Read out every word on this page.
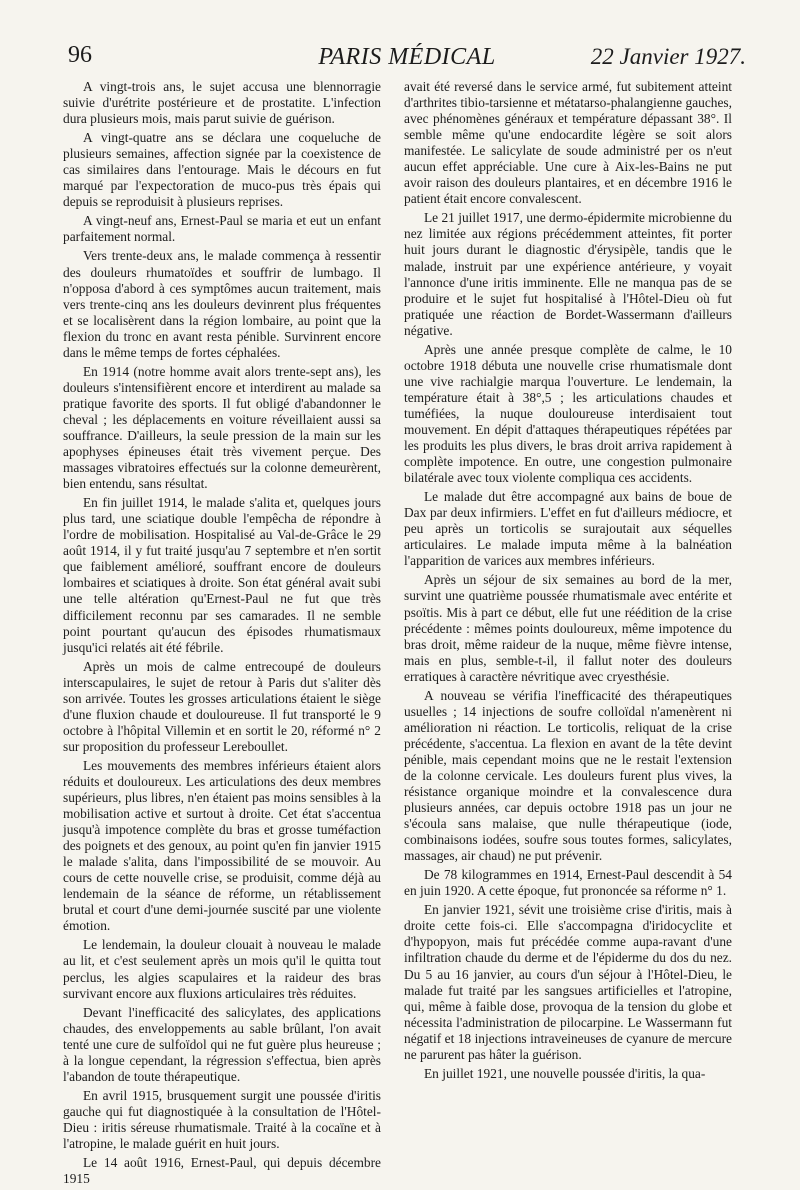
96	PARIS MÉDICAL	22 Janvier 1927.

A vingt-trois ans, le sujet accusa une blennorragie suivie d'urétrite postérieure et de prostatite. L'infection dura plusieurs mois, mais parut suivie de guérison.

A vingt-quatre ans se déclara une coqueluche de plusieurs semaines, affection signée par la coexistence de cas similaires dans l'entourage. Mais le décours en fut marqué par l'expectoration de muco-pus très épais qui depuis se reproduisit à plusieurs reprises.

A vingt-neuf ans, Ernest-Paul se maria et eut un enfant parfaitement normal.

Vers trente-deux ans, le malade commença à ressentir des douleurs rhumatoïdes et souffrir de lumbago. Il n'opposa d'abord à ces symptômes aucun traitement, mais vers trente-cinq ans les douleurs devinrent plus fréquentes et se localisèrent dans la région lombaire, au point que la flexion du tronc en avant resta pénible. Survinrent encore dans le même temps de fortes céphalées.

En 1914 (notre homme avait alors trente-sept ans), les douleurs s'intensifièrent encore et interdirent au malade sa pratique favorite des sports. Il fut obligé d'abandonner le cheval ; les déplacements en voiture réveillaient aussi sa souffrance. D'ailleurs, la seule pression de la main sur les apophyses épineuses était très vivement perçue. Des massages vibratoires effectués sur la colonne demeurèrent, bien entendu, sans résultat.

En fin juillet 1914, le malade s'alita et, quelques jours plus tard, une sciatique double l'empêcha de répondre à l'ordre de mobilisation. Hospitalisé au Val-de-Grâce le 29 août 1914, il y fut traité jusqu'au 7 septembre et n'en sortit que faiblement amélioré, souffrant encore de douleurs lombaires et sciatiques à droite. Son état général avait subi une telle altération qu'Ernest-Paul ne fut que très difficilement reconnu par ses camarades. Il ne semble point pourtant qu'aucun des épisodes rhumatismaux jusqu'ici relatés ait été fébrile.

Après un mois de calme entrecoupé de douleurs interscapulaires, le sujet de retour à Paris dut s'aliter dès son arrivée. Toutes les grosses articulations étaient le siège d'une fluxion chaude et douloureuse. Il fut transporté le 9 octobre à l'hôpital Villemin et en sortit le 20, réformé n° 2 sur proposition du professeur Lereboullet.

Les mouvements des membres inférieurs étaient alors réduits et douloureux. Les articulations des deux membres supérieurs, plus libres, n'en étaient pas moins sensibles à la mobilisation active et surtout à droite. Cet état s'accentua jusqu'à impotence complète du bras et grosse tuméfaction des poignets et des genoux, au point qu'en fin janvier 1915 le malade s'alita, dans l'impossibilité de se mouvoir. Au cours de cette nouvelle crise, se produisit, comme déjà au lendemain de la séance de réforme, un rétablissement brutal et court d'une demi-journée suscité par une violente émotion.

Le lendemain, la douleur clouait à nouveau le malade au lit, et c'est seulement après un mois qu'il le quitta tout perclus, les algies scapulaires et la raideur des bras survivant encore aux fluxions articulaires très réduites.

Devant l'inefficacité des salicylates, des applications chaudes, des enveloppements au sable brûlant, l'on avait tenté une cure de sulfoïdol qui ne fut guère plus heureuse ; à la longue cependant, la régression s'effectua, bien après l'abandon de toute thérapeutique.

En avril 1915, brusquement surgit une poussée d'iritis gauche qui fut diagnostiquée à la consultation de l'Hôtel-Dieu : iritis séreuse rhumatismale. Traité à la cocaïne et à l'atropine, le malade guérit en huit jours.

Le 14 août 1916, Ernest-Paul, qui depuis décembre 1915

avait été reversé dans le service armé, fut subitement atteint d'arthrites tibio-tarsienne et métatarso-phalangienne gauches, avec phénomènes généraux et température dépassant 38°. Il semble même qu'une endocardite légère se soit alors manifestée. Le salicylate de soude administré per os n'eut aucun effet appréciable. Une cure à Aix-les-Bains ne put avoir raison des douleurs plantaires, et en décembre 1916 le patient était encore convalescent.

Le 21 juillet 1917, une dermo-épidermite microbienne du nez limitée aux régions précédemment atteintes, fit porter huit jours durant le diagnostic d'érysipèle, tandis que le malade, instruit par une expérience antérieure, y voyait l'annonce d'une iritis imminente. Elle ne manqua pas de se produire et le sujet fut hospitalisé à l'Hôtel-Dieu où fut pratiquée une réaction de Bordet-Wassermann d'ailleurs négative.

Après une année presque complète de calme, le 10 octobre 1918 débuta une nouvelle crise rhumatismale dont une vive rachialgie marqua l'ouverture. Le lendemain, la température était à 38°,5 ; les articulations chaudes et tuméfiées, la nuque douloureuse interdisaient tout mouvement. En dépit d'attaques thérapeutiques répétées par les produits les plus divers, le bras droit arriva rapidement à complète impotence. En outre, une congestion pulmonaire bilatérale avec toux violente compliqua ces accidents.

Le malade dut être accompagné aux bains de boue de Dax par deux infirmiers. L'effet en fut d'ailleurs médiocre, et peu après un torticolis se surajoutait aux séquelles articulaires. Le malade imputa même à la balnéation l'apparition de varices aux membres inférieurs.

Après un séjour de six semaines au bord de la mer, survint une quatrième poussée rhumatismale avec entérite et psoïtis. Mis à part ce début, elle fut une réédition de la crise précédente : mêmes points douloureux, même impotence du bras droit, même raideur de la nuque, même fièvre intense, mais en plus, semble-t-il, il fallut noter des douleurs erratiques à caractère névritique avec cryesthésie.

A nouveau se vérifia l'inefficacité des thérapeutiques usuelles ; 14 injections de soufre colloïdal n'amenèrent ni amélioration ni réaction. Le torticolis, reliquat de la crise précédente, s'accentua. La flexion en avant de la tête devint pénible, mais cependant moins que ne le restait l'extension de la colonne cervicale. Les douleurs furent plus vives, la résistance organique moindre et la convalescence dura plusieurs années, car depuis octobre 1918 pas un jour ne s'écoula sans malaise, que nulle thérapeutique (iode, combinaisons iodées, soufre sous toutes formes, salicylates, massages, air chaud) ne put prévenir.

De 78 kilogrammes en 1914, Ernest-Paul descendit à 54 en juin 1920. A cette époque, fut prononcée sa réforme n° 1.

En janvier 1921, sévit une troisième crise d'iritis, mais à droite cette fois-ci. Elle s'accompagna d'iridocyclite et d'hypopyon, mais fut précédée comme aupa-ravant d'une infiltration chaude du derme et de l'épiderme du dos du nez. Du 5 au 16 janvier, au cours d'un séjour à l'Hôtel-Dieu, le malade fut traité par les sangsues artificielles et l'atropine, qui, même à faible dose, provoqua de la tension du globe et nécessita l'administration de pilocarpine. Le Wassermann fut négatif et 18 injections intraveineuses de cyanure de mercure ne parurent pas hâter la guérison.

En juillet 1921, une nouvelle poussée d'iritis, la qua-
